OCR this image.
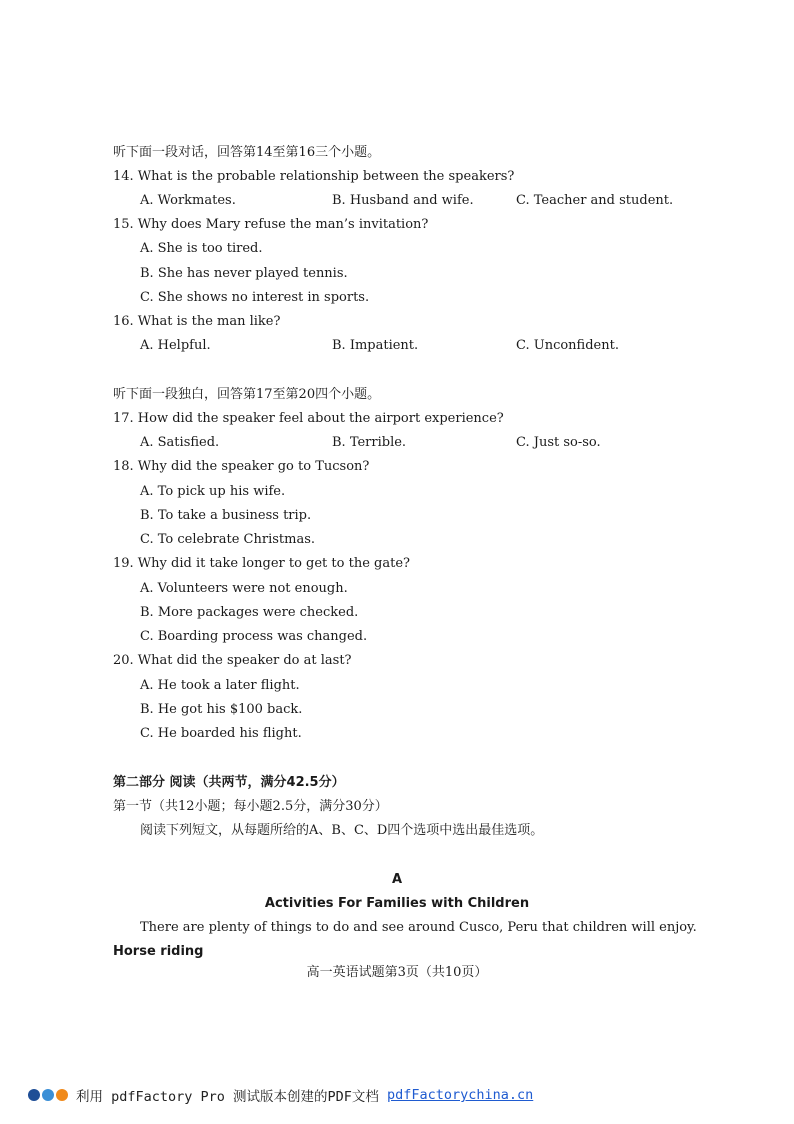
听下面一段对话，回答第14至第16三个小题。
14. What is the probable relationship between the speakers?
A. Workmates.	B. Husband and wife.	C. Teacher and student.
15. Why does Mary refuse the man’s invitation?
A. She is too tired.
B. She has never played tennis.
C. She shows no interest in sports.
16. What is the man like?
A. Helpful.	B. Impatient.	C. Unconfident.
听下面一段独白，回答第17至第20四个小题。
17. How did the speaker feel about the airport experience?
A. Satisfied.	B. Terrible.	C. Just so-so.
18. Why did the speaker go to Tucson?
A. To pick up his wife.
B. To take a business trip.
C. To celebrate Christmas.
19. Why did it take longer to get to the gate?
A. Volunteers were not enough.
B. More packages were checked.
C. Boarding process was changed.
20. What did the speaker do at last?
A. He took a later flight.
B. He got his $100 back.
C. He boarded his flight.
第二部分 阅读（共两节，满分42.5分）
第一节（共12小题；每小题2.5分，满分30分）
阅读下列短文，从每题所给的A、B、C、D四个选项中选出最佳选项。
A
Activities For Families with Children
There are plenty of things to do and see around Cusco, Peru that children will enjoy.
Horse riding
高一英语试题第3页（共10页）
利用 pdfFactory Pro 测试版本创建的PDF文档 pdfFactorychina.cn
